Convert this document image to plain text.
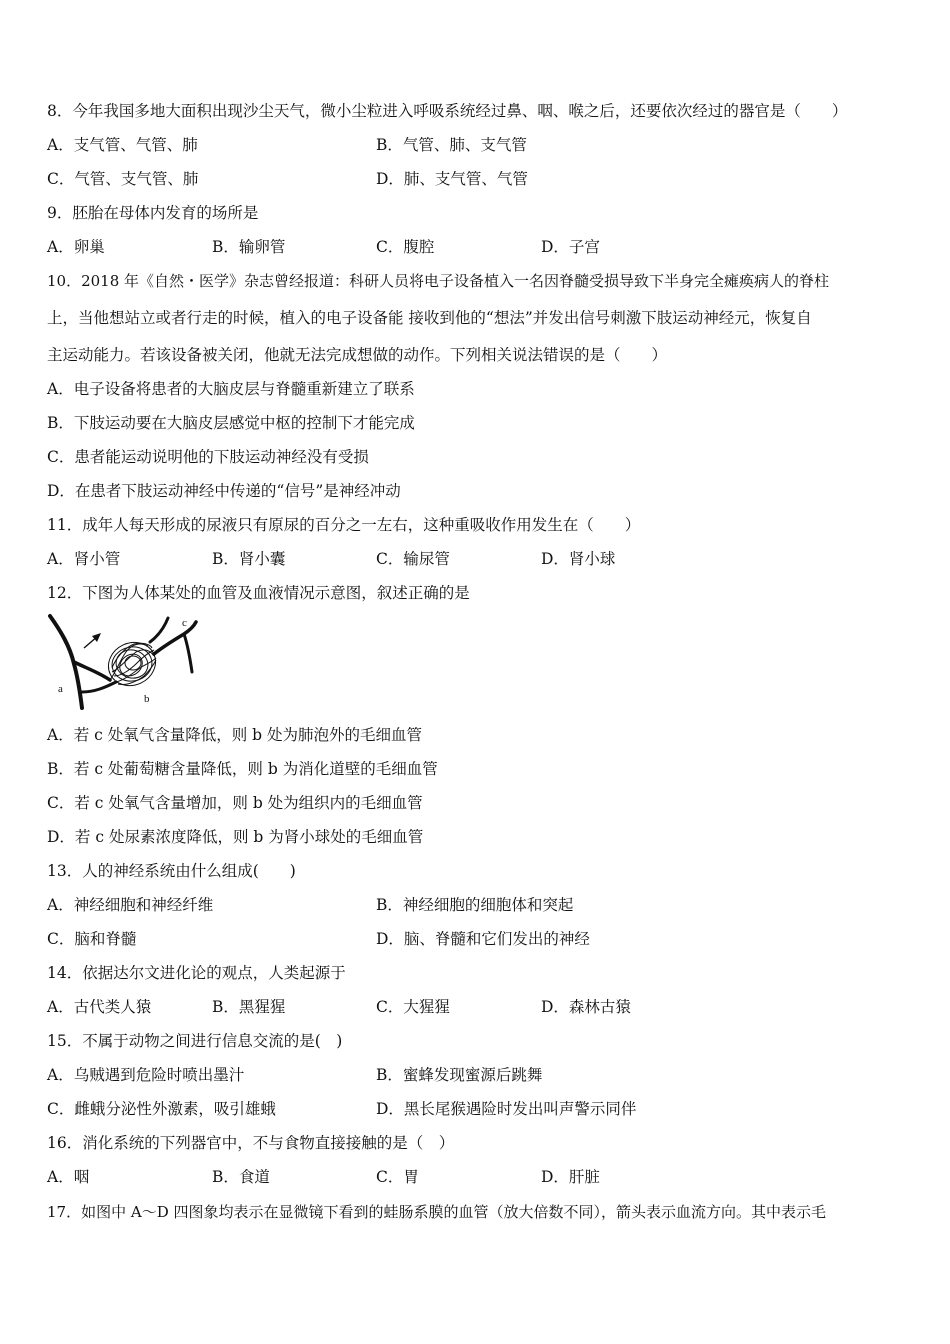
8．今年我国多地大面积出现沙尘天气，微小尘粒进入呼吸系统经过鼻、咽、喉之后，还要依次经过的器官是（　　）
A．支气管、气管、肺	B．气管、肺、支气管
C．气管、支气管、肺	D．肺、支气管、气管
9．胚胎在母体内发育的场所是
A．卵巢	B．输卵管	C．腹腔	D．子宫
10．2018 年《自然・医学》杂志曾经报道：科研人员将电子设备植入一名因脊髓受损导致下半身完全瘫痪病人的脊柱
上，当他想站立或者行走的时候，植入的电子设备能 接收到他的“想法”并发出信号刺激下肢运动神经元，恢复自
主运动能力。若该设备被关闭，他就无法完成想做的动作。下列相关说法错误的是（　　）
A．电子设备将患者的大脑皮层与脊髓重新建立了联系
B．下肢运动要在大脑皮层感觉中枢的控制下才能完成
C．患者能运动说明他的下肢运动神经没有受损
D．在患者下肢运动神经中传递的“信号”是神经冲动
11．成年人每天形成的尿液只有原尿的百分之一左右，这种重吸收作用发生在（　　）
A．肾小管	B．肾小囊	C．输尿管	D．肾小球
12．下图为人体某处的血管及血液情况示意图，叙述正确的是
a
b
c
A．若 c 处氧气含量降低，则 b 处为肺泡外的毛细血管
B．若 c 处葡萄糖含量降低，则 b 为消化道壁的毛细血管
C．若 c 处氧气含量增加，则 b 处为组织内的毛细血管
D．若 c 处尿素浓度降低，则 b 为肾小球处的毛细血管
13．人的神经系统由什么组成(　　)
A．神经细胞和神经纤维	B．神经细胞的细胞体和突起
C．脑和脊髓	D．脑、脊髓和它们发出的神经
14．依据达尔文进化论的观点，人类起源于
A．古代类人猿	B．黑猩猩	C．大猩猩	D．森林古猿
15．不属于动物之间进行信息交流的是(　)
A．乌贼遇到危险时喷出墨汁	B．蜜蜂发现蜜源后跳舞
C．雌蛾分泌性外激素，吸引雄蛾	D．黑长尾猴遇险时发出叫声警示同伴
16．消化系统的下列器官中，不与食物直接接触的是（　）
A．咽	B．食道	C．胃	D．肝脏
17．如图中 A～D 四图象均表示在显微镜下看到的蛙肠系膜的血管（放大倍数不同），箭头表示血流方向。其中表示毛
